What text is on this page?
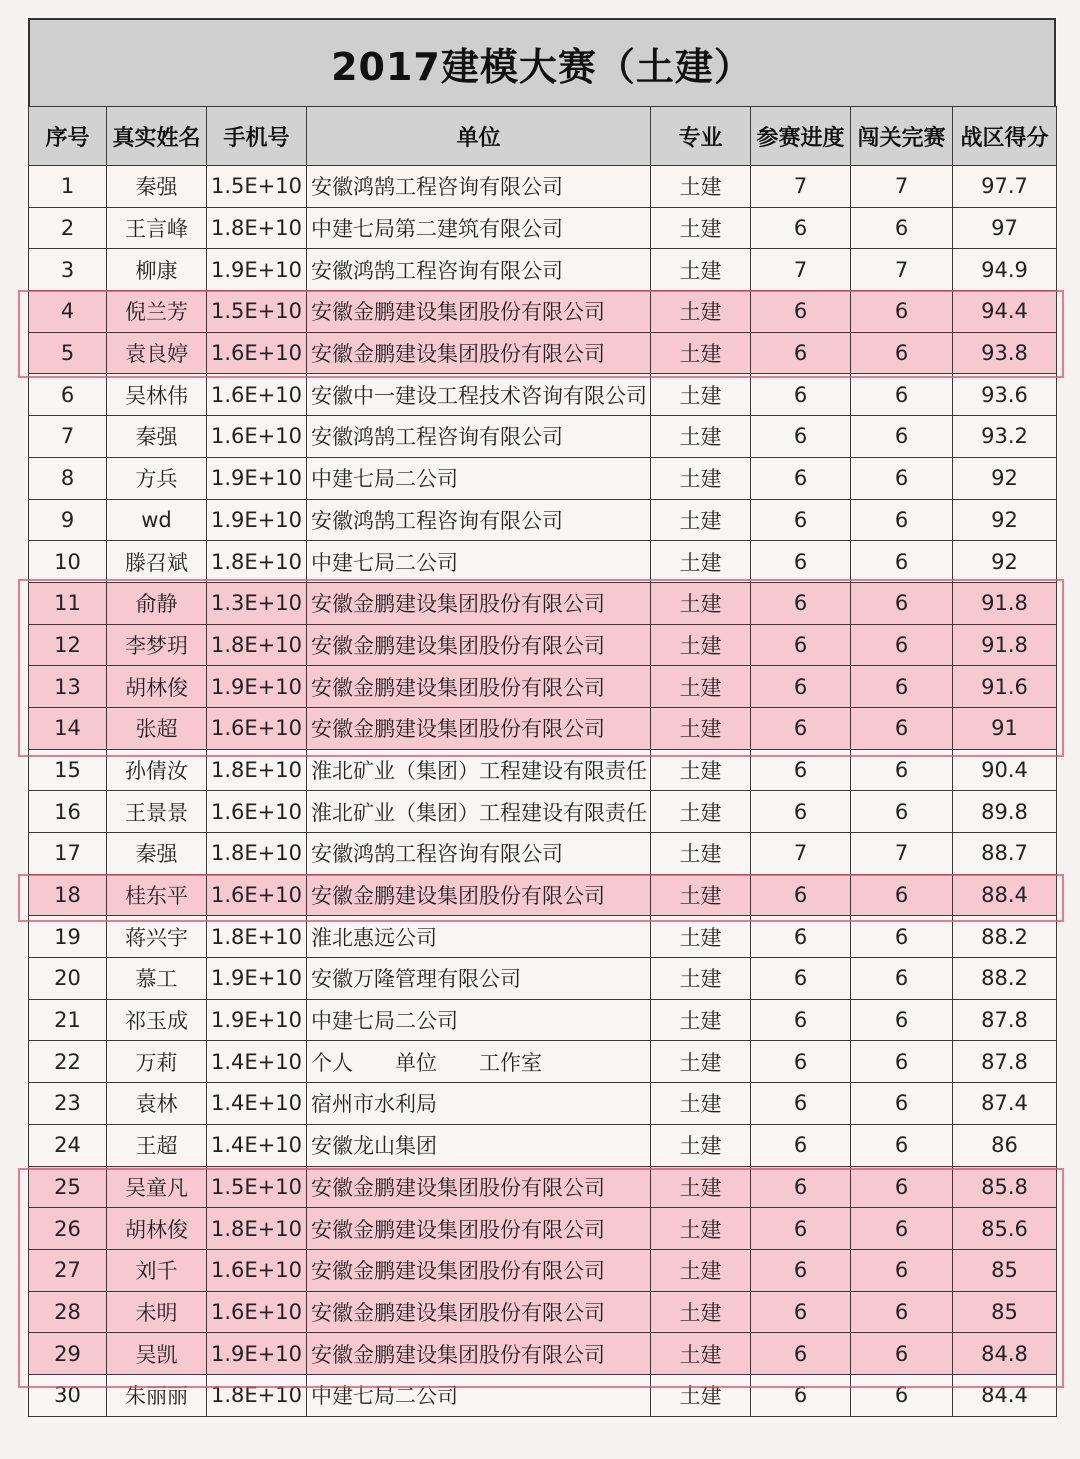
2017建模大赛（土建）
序号	真实姓名	手机号	单位	专业	参赛进度	闯关完赛	战区得分
1	秦强	1.5E+10	安徽鸿鹄工程咨询有限公司	土建	7	7	97.7
2	王言峰	1.8E+10	中建七局第二建筑有限公司	土建	6	6	97
3	柳康	1.9E+10	安徽鸿鹄工程咨询有限公司	土建	7	7	94.9
4	倪兰芳	1.5E+10	安徽金鹏建设集团股份有限公司	土建	6	6	94.4
5	袁良婷	1.6E+10	安徽金鹏建设集团股份有限公司	土建	6	6	93.8
6	吴林伟	1.6E+10	安徽中一建设工程技术咨询有限公司	土建	6	6	93.6
7	秦强	1.6E+10	安徽鸿鹄工程咨询有限公司	土建	6	6	93.2
8	方兵	1.9E+10	中建七局二公司	土建	6	6	92
9	wd	1.9E+10	安徽鸿鹄工程咨询有限公司	土建	6	6	92
10	滕召斌	1.8E+10	中建七局二公司	土建	6	6	92
11	俞静	1.3E+10	安徽金鹏建设集团股份有限公司	土建	6	6	91.8
12	李梦玥	1.8E+10	安徽金鹏建设集团股份有限公司	土建	6	6	91.8
13	胡林俊	1.9E+10	安徽金鹏建设集团股份有限公司	土建	6	6	91.6
14	张超	1.6E+10	安徽金鹏建设集团股份有限公司	土建	6	6	91
15	孙倩汝	1.8E+10	淮北矿业（集团）工程建设有限责任	土建	6	6	90.4
16	王景景	1.6E+10	淮北矿业（集团）工程建设有限责任	土建	6	6	89.8
17	秦强	1.8E+10	安徽鸿鹄工程咨询有限公司	土建	7	7	88.7
18	桂东平	1.6E+10	安徽金鹏建设集团股份有限公司	土建	6	6	88.4
19	蒋兴宇	1.8E+10	淮北惠远公司	土建	6	6	88.2
20	慕工	1.9E+10	安徽万隆管理有限公司	土建	6	6	88.2
21	祁玉成	1.9E+10	中建七局二公司	土建	6	6	87.8
22	万莉	1.4E+10	个人　　单位　　工作室	土建	6	6	87.8
23	袁林	1.4E+10	宿州市水利局	土建	6	6	87.4
24	王超	1.4E+10	安徽龙山集团	土建	6	6	86
25	吴童凡	1.5E+10	安徽金鹏建设集团股份有限公司	土建	6	6	85.8
26	胡林俊	1.8E+10	安徽金鹏建设集团股份有限公司	土建	6	6	85.6
27	刘千	1.6E+10	安徽金鹏建设集团股份有限公司	土建	6	6	85
28	未明	1.6E+10	安徽金鹏建设集团股份有限公司	土建	6	6	85
29	吴凯	1.9E+10	安徽金鹏建设集团股份有限公司	土建	6	6	84.8
30	朱丽丽	1.8E+10	中建七局二公司	土建	6	6	84.4
